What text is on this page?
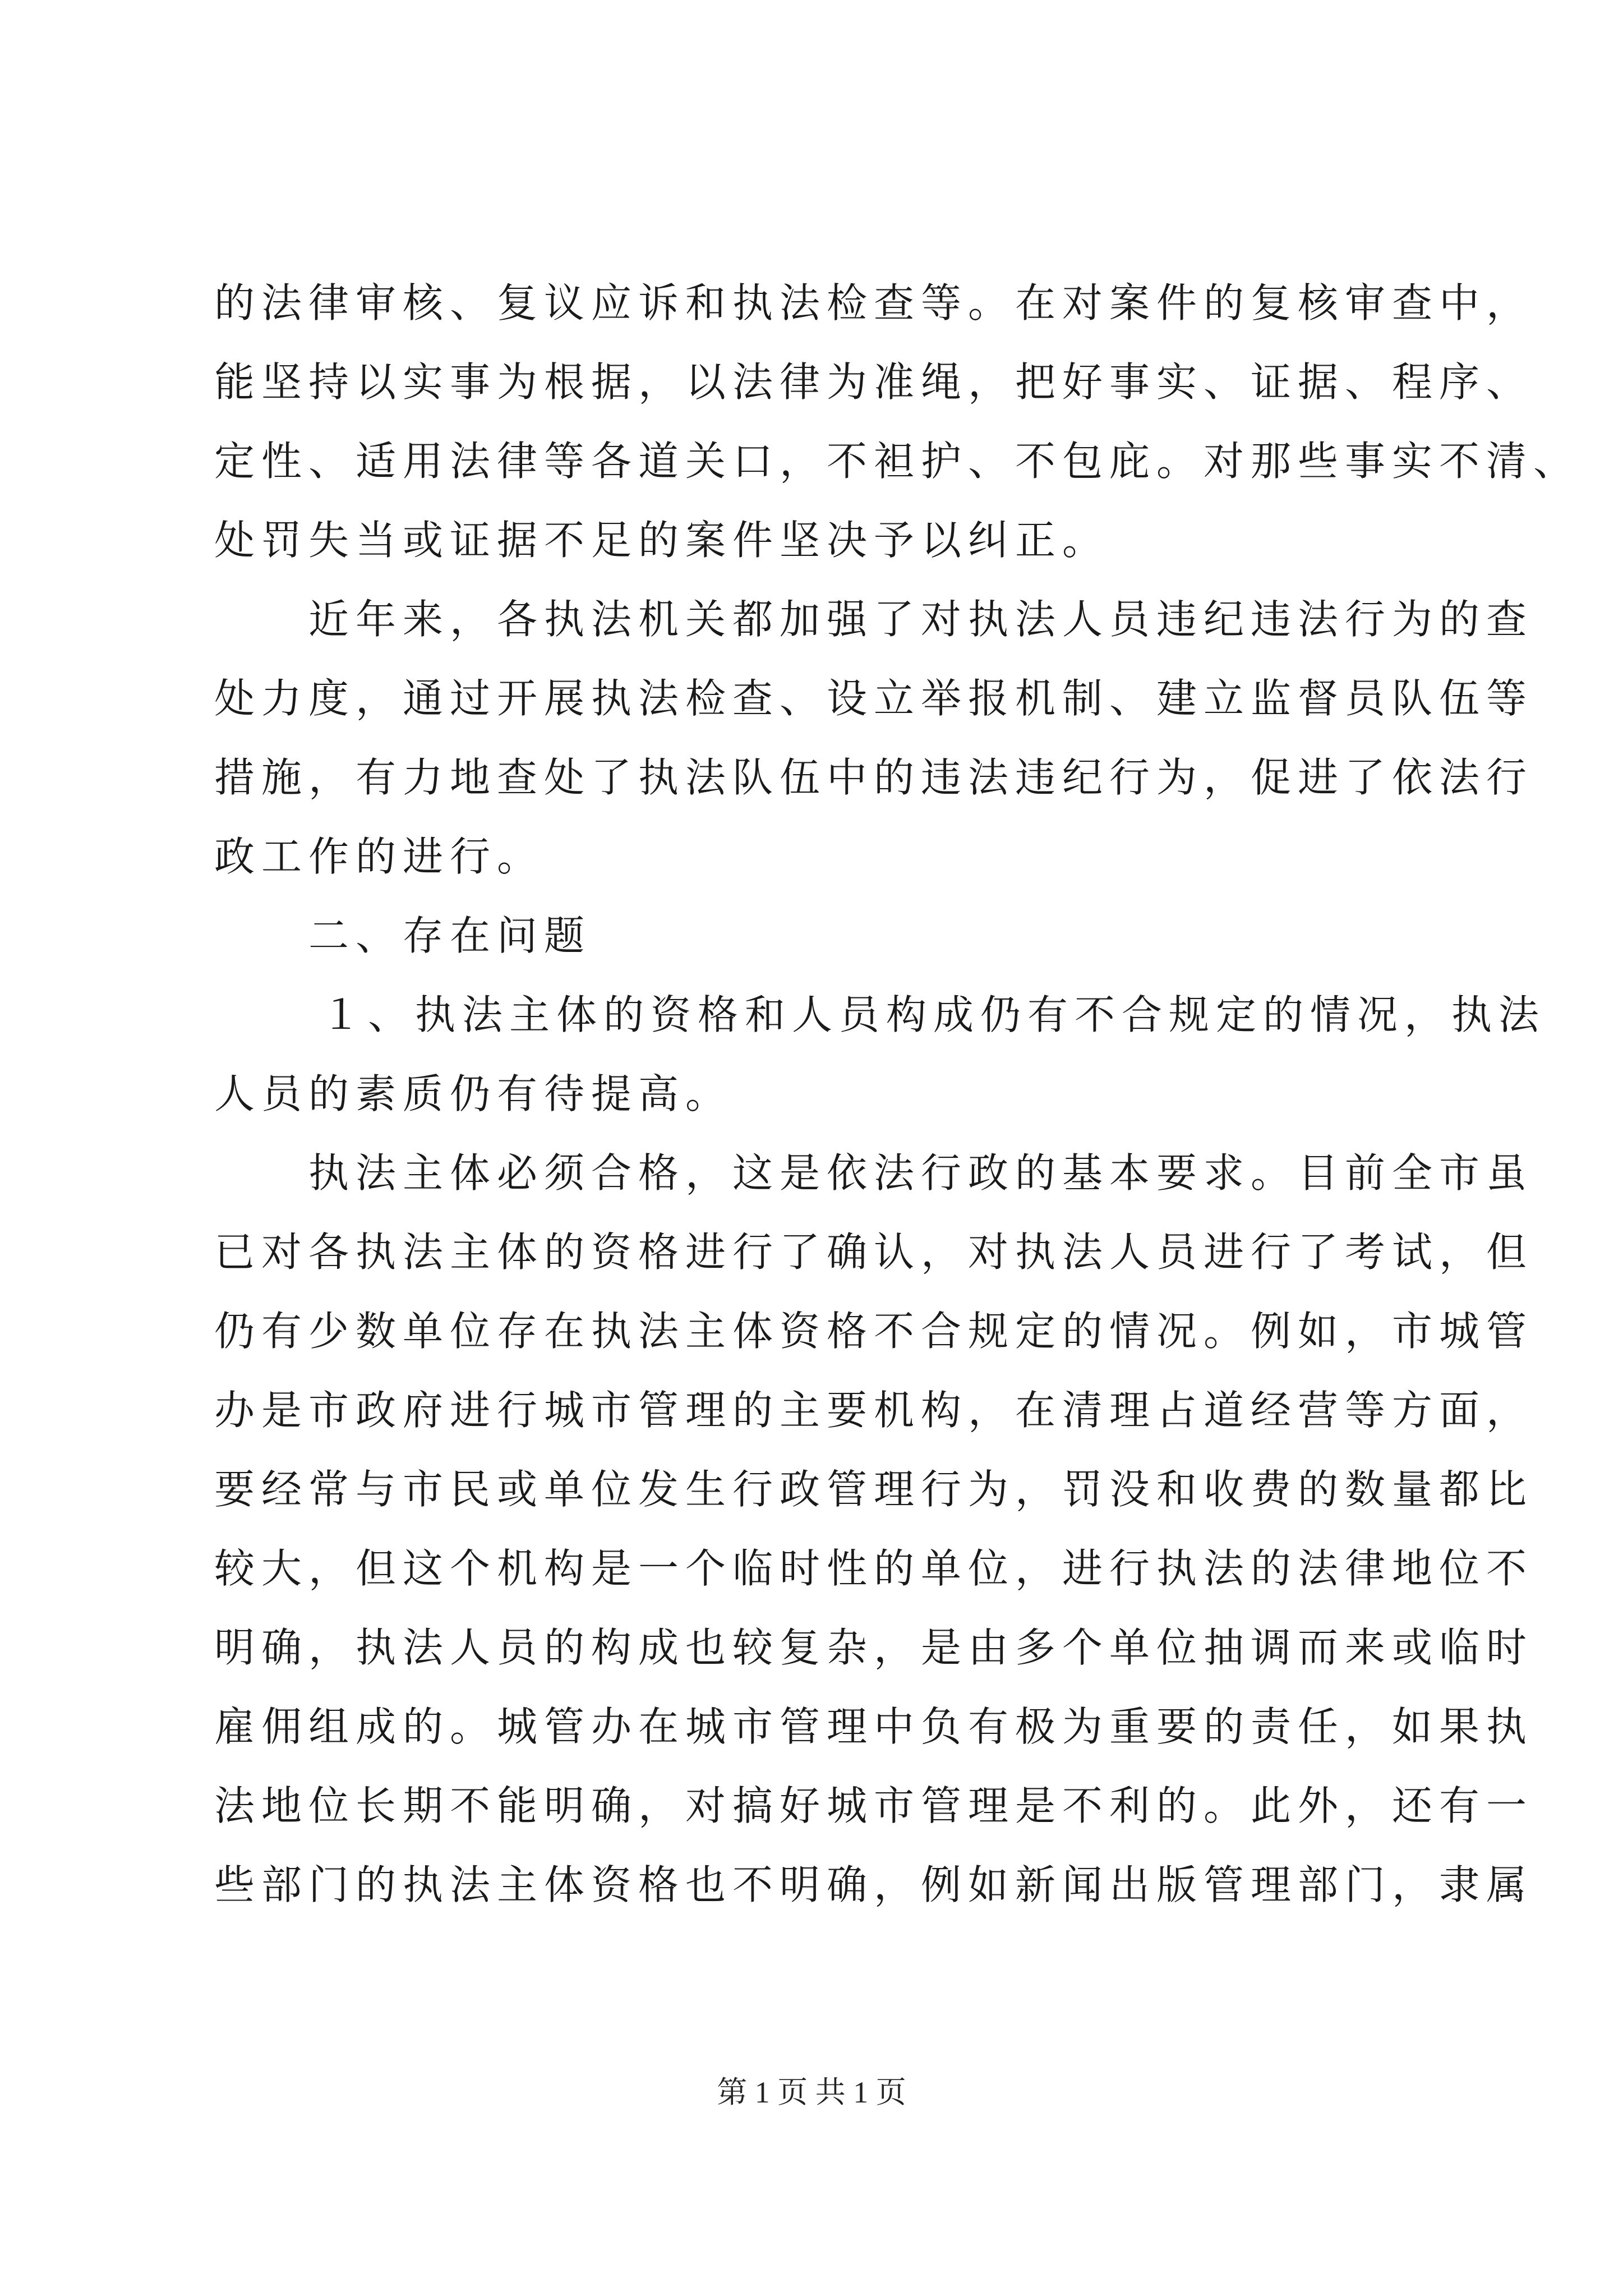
的法律审核、复议应诉和执法检查等。在对案件的复核审查中，
能坚持以实事为根据，以法律为准绳，把好事实、证据、程序、
定性、适用法律等各道关口，不袒护、不包庇。对那些事实不清、
处罚失当或证据不足的案件坚决予以纠正。
近年来，各执法机关都加强了对执法人员违纪违法行为的查
处力度，通过开展执法检查、设立举报机制、建立监督员队伍等
措施，有力地查处了执法队伍中的违法违纪行为，促进了依法行
政工作的进行。
二、存在问题
１、执法主体的资格和人员构成仍有不合规定的情况，执法
人员的素质仍有待提高。
执法主体必须合格，这是依法行政的基本要求。目前全市虽
已对各执法主体的资格进行了确认，对执法人员进行了考试，但
仍有少数单位存在执法主体资格不合规定的情况。例如，市城管
办是市政府进行城市管理的主要机构，在清理占道经营等方面，
要经常与市民或单位发生行政管理行为，罚没和收费的数量都比
较大，但这个机构是一个临时性的单位，进行执法的法律地位不
明确，执法人员的构成也较复杂，是由多个单位抽调而来或临时
雇佣组成的。城管办在城市管理中负有极为重要的责任，如果执
法地位长期不能明确，对搞好城市管理是不利的。此外，还有一
些部门的执法主体资格也不明确，例如新闻出版管理部门，隶属
第 1 页 共 1 页
